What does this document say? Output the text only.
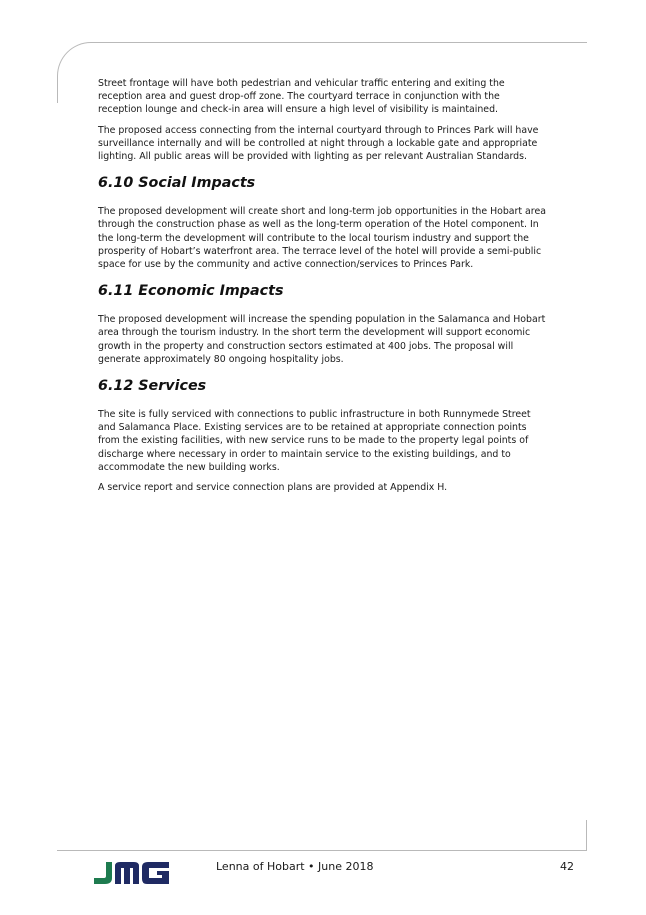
Street frontage will have both pedestrian and vehicular traffic entering and exiting the reception area and guest drop-off zone. The courtyard terrace in conjunction with the reception lounge and check-in area will ensure a high level of visibility is maintained.

The proposed access connecting from the internal courtyard through to Princes Park will have surveillance internally and will be controlled at night through a lockable gate and appropriate lighting. All public areas will be provided with lighting as per relevant Australian Standards.

6.10 Social Impacts

The proposed development will create short and long-term job opportunities in the Hobart area through the construction phase as well as the long-term operation of the Hotel component. In the long-term the development will contribute to the local tourism industry and support the prosperity of Hobart’s waterfront area. The terrace level of the hotel will provide a semi-public space for use by the community and active connection/services to Princes Park.

6.11 Economic Impacts

The proposed development will increase the spending population in the Salamanca and Hobart area through the tourism industry. In the short term the development will support economic growth in the property and construction sectors estimated at 400 jobs. The proposal will generate approximately 80 ongoing hospitality jobs.

6.12 Services

The site is fully serviced with connections to public infrastructure in both Runnymede Street and Salamanca Place. Existing services are to be retained at appropriate connection points from the existing facilities, with new service runs to be made to the property legal points of discharge where necessary in order to maintain service to the existing buildings, and to accommodate the new building works.

A service report and service connection plans are provided at Appendix H.

Lenna of Hobart • June 2018	42
